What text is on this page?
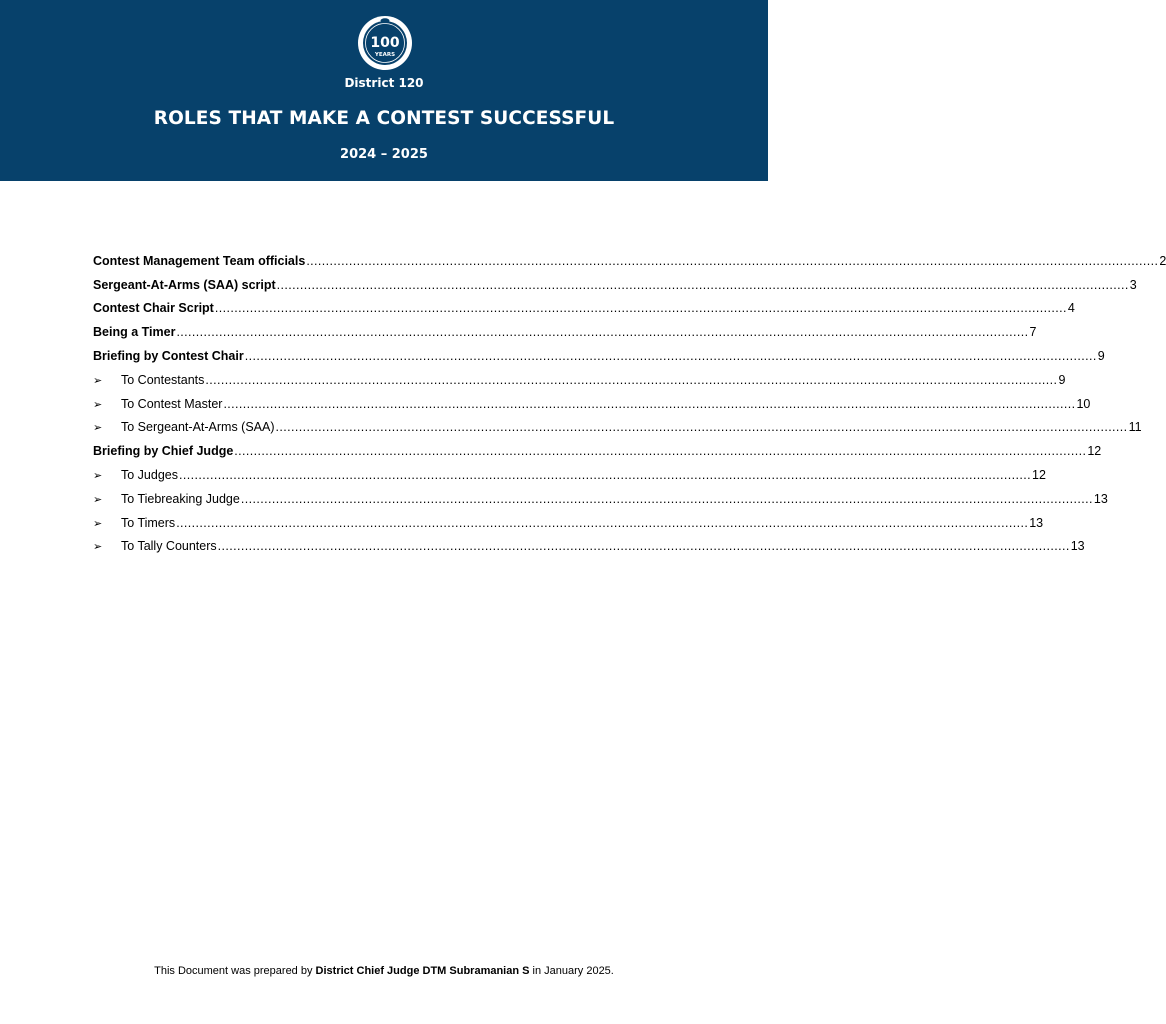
100
YEARS
District 120
ROLES THAT MAKE A CONTEST SUCCESSFUL
2024 – 2025
Contest Management Team officials ............................................................................................................................................................................................................................ 2
Sergeant-At-Arms (SAA) script ............................................................................................................................................................................................................................ 3
Contest Chair Script ............................................................................................................................................................................................................................ 4
Being a Timer ............................................................................................................................................................................................................................ 7
Briefing by Contest Chair ............................................................................................................................................................................................................................ 9
➢	To Contestants ............................................................................................................................................................................................................................ 9
➢	To Contest Master ............................................................................................................................................................................................................................ 10
➢	To Sergeant-At-Arms (SAA) ............................................................................................................................................................................................................................ 11
Briefing by Chief Judge ............................................................................................................................................................................................................................ 12
➢	To Judges ............................................................................................................................................................................................................................ 12
➢	To Tiebreaking Judge ............................................................................................................................................................................................................................ 13
➢	To Timers ............................................................................................................................................................................................................................ 13
➢	To Tally Counters ............................................................................................................................................................................................................................ 13
This Document was prepared by District Chief Judge DTM Subramanian S in January 2025.
